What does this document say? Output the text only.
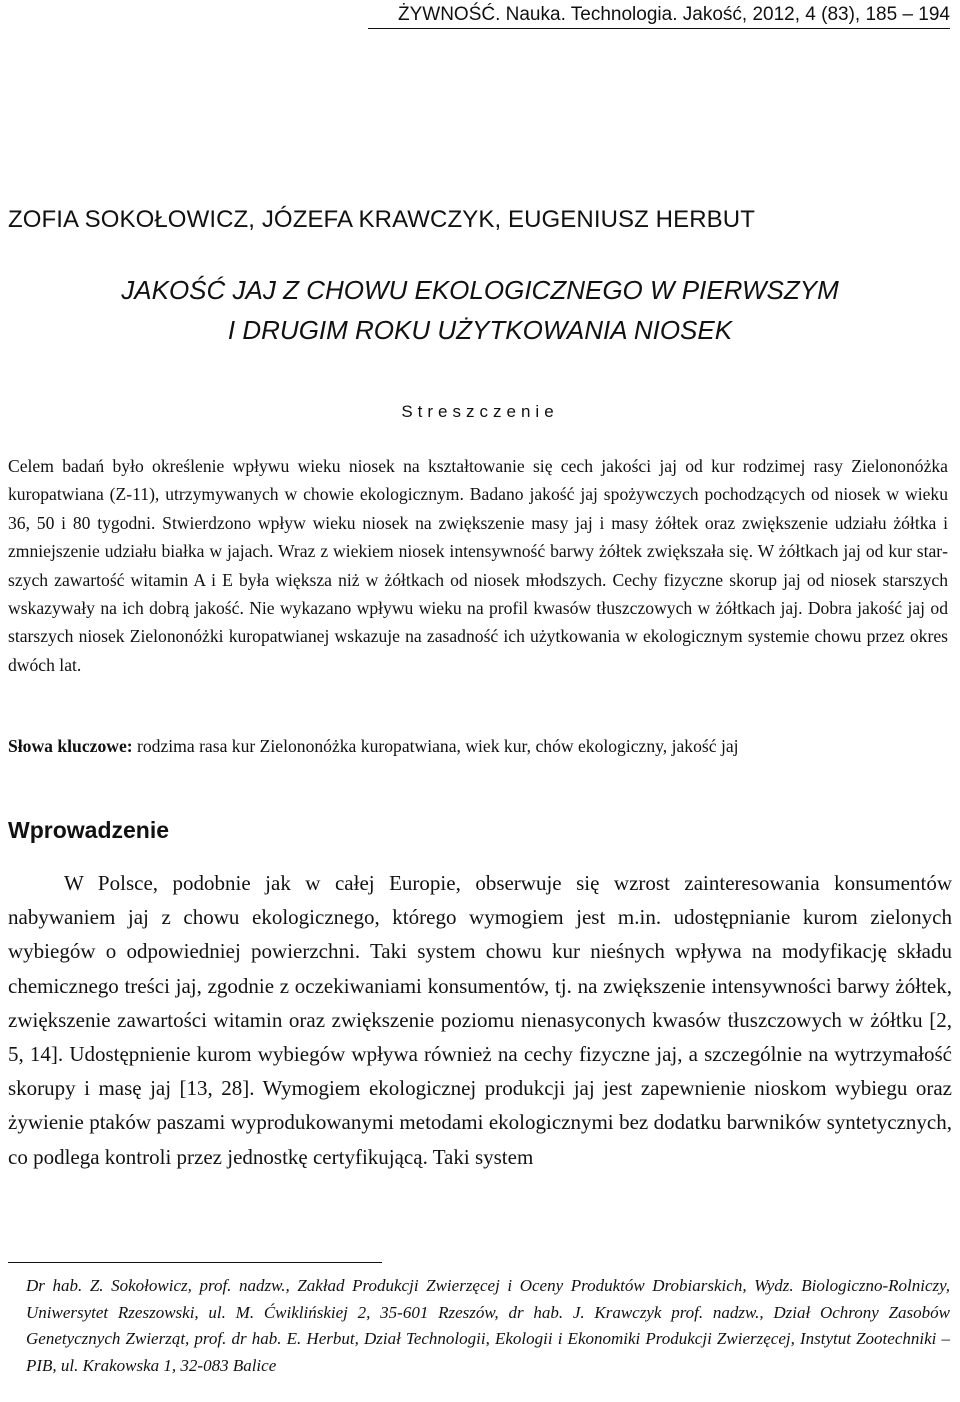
ŻYWNOŚĆ. Nauka. Technologia. Jakość, 2012, 4 (83), 185 – 194
ZOFIA SOKOŁOWICZ, JÓZEFA KRAWCZYK, EUGENIUSZ HERBUT
JAKOŚĆ JAJ Z CHOWU EKOLOGICZNEGO W PIERWSZYM
I DRUGIM ROKU UŻYTKOWANIA NIOSEK
Streszczenie

Celem badań było określenie wpływu wieku niosek na kształtowanie się cech jakości jaj od kur rodzimej rasy Zielononóżka kuropatwiana (Z-11), utrzymywanych w chowie ekologicznym. Badano jakość jaj spożywczych pochodzących od niosek w wieku 36, 50 i 80 tygodni. Stwierdzono wpływ wieku niosek na zwiększenie masy jaj i masy żółtek oraz zwiększenie udziału żółtka i zmniejszenie udziału białka w jajach. Wraz z wiekiem niosek intensywność barwy żółtek zwiększała się. W żółtkach jaj od kur starszych zawartość witamin A i E była większa niż w żółtkach od niosek młodszych. Cechy fizyczne skorup jaj od niosek starszych wskazywały na ich dobrą jakość. Nie wykazano wpływu wieku na profil kwasów tłuszczowych w żółtkach jaj. Dobra jakość jaj od starszych niosek Zielononóżki kuropatwianej wskazuje na zasadność ich użytkowania w ekologicznym systemie chowu przez okres dwóch lat.

Słowa kluczowe: rodzima rasa kur Zielononóżka kuropatwiana, wiek kur, chów ekologiczny, jakość jaj
Wprowadzenie

W Polsce, podobnie jak w całej Europie, obserwuje się wzrost zainteresowania konsumentów nabywaniem jaj z chowu ekologicznego, którego wymogiem jest m.in. udostępnianie kurom zielonych wybiegów o odpowiedniej powierzchni. Taki system chowu kur nieśnych wpływa na modyfikację składu chemicznego treści jaj, zgodnie z oczekiwaniami konsumentów, tj. na zwiększenie intensywności barwy żółtek, zwiększenie zawartości witamin oraz zwiększenie poziomu nienasyconych kwasów tłuszczowych w żółtku [2, 5, 14]. Udostępnienie kurom wybiegów wpływa również na cechy fizyczne jaj, a szczególnie na wytrzymałość skorupy i masę jaj [13, 28]. Wymogiem ekologicznej produkcji jaj jest zapewnienie nioskom wybiegu oraz żywienie ptaków paszami wyprodukowanymi metodami ekologicznymi bez dodatku barwników syntetycznych, co podlega kontroli przez jednostkę certyfikującą. Taki system

Dr hab. Z. Sokołowicz, prof. nadzw., Zakład Produkcji Zwierzęcej i Oceny Produktów Drobiarskich, Wydz. Biologiczno-Rolniczy, Uniwersytet Rzeszowski, ul. M. Ćwiklińskiej 2, 35-601 Rzeszów, dr hab. J. Krawczyk prof. nadzw., Dział Ochrony Zasobów Genetycznych Zwierząt, prof. dr hab. E. Herbut, Dział Technologii, Ekologii i Ekonomiki Produkcji Zwierzęcej, Instytut Zootechniki – PIB, ul. Krakowska 1, 32-083 Balice
